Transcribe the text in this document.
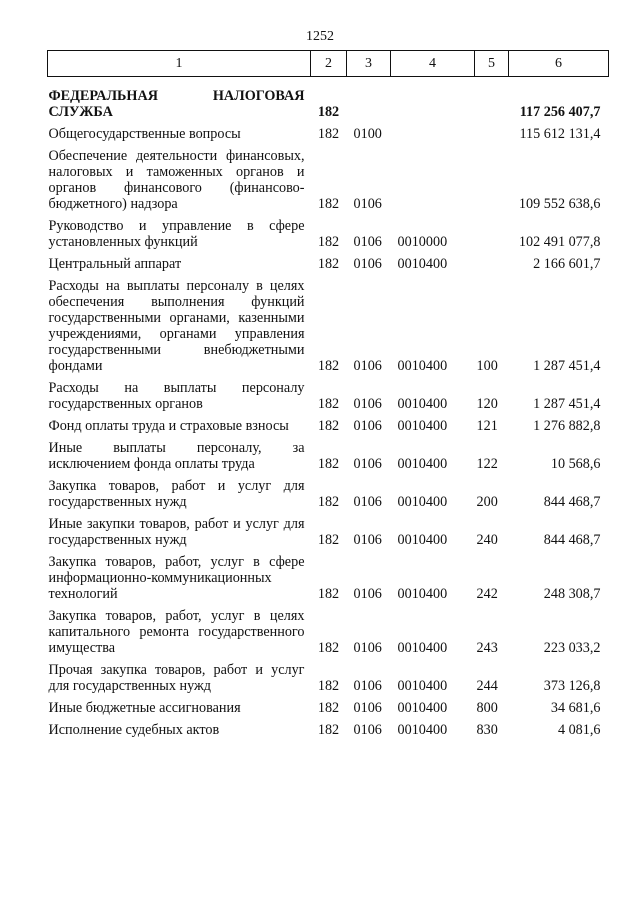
1252
1	2	3	4	5	6
ФЕДЕРАЛЬНАЯ НАЛОГОВАЯ СЛУЖБА	182				117 256 407,7
Общегосударственные вопросы	182	0100			115 612 131,4
Обеспечение деятельности финансовых, налоговых и таможенных органов и органов финансового (финансово-бюджетного) надзора	182	0106			109 552 638,6
Руководство и управление в сфере установленных функций	182	0106	0010000		102 491 077,8
Центральный аппарат	182	0106	0010400		2 166 601,7
Расходы на выплаты персоналу в целях обеспечения выполнения функций государственными органами, казенными учреждениями, органами управления государственными внебюджетными фондами	182	0106	0010400	100	1 287 451,4
Расходы на выплаты персоналу государственных органов	182	0106	0010400	120	1 287 451,4
Фонд оплаты труда и страховые взносы	182	0106	0010400	121	1 276 882,8
Иные выплаты персоналу, за исключением фонда оплаты труда	182	0106	0010400	122	10 568,6
Закупка товаров, работ и услуг для государственных нужд	182	0106	0010400	200	844 468,7
Иные закупки товаров, работ и услуг для государственных нужд	182	0106	0010400	240	844 468,7
Закупка товаров, работ, услуг в сфере информационно-коммуникационных технологий	182	0106	0010400	242	248 308,7
Закупка товаров, работ, услуг в целях капитального ремонта государственного имущества	182	0106	0010400	243	223 033,2
Прочая закупка товаров, работ и услуг для государственных нужд	182	0106	0010400	244	373 126,8
Иные бюджетные ассигнования	182	0106	0010400	800	34 681,6
Исполнение судебных актов	182	0106	0010400	830	4 081,6
